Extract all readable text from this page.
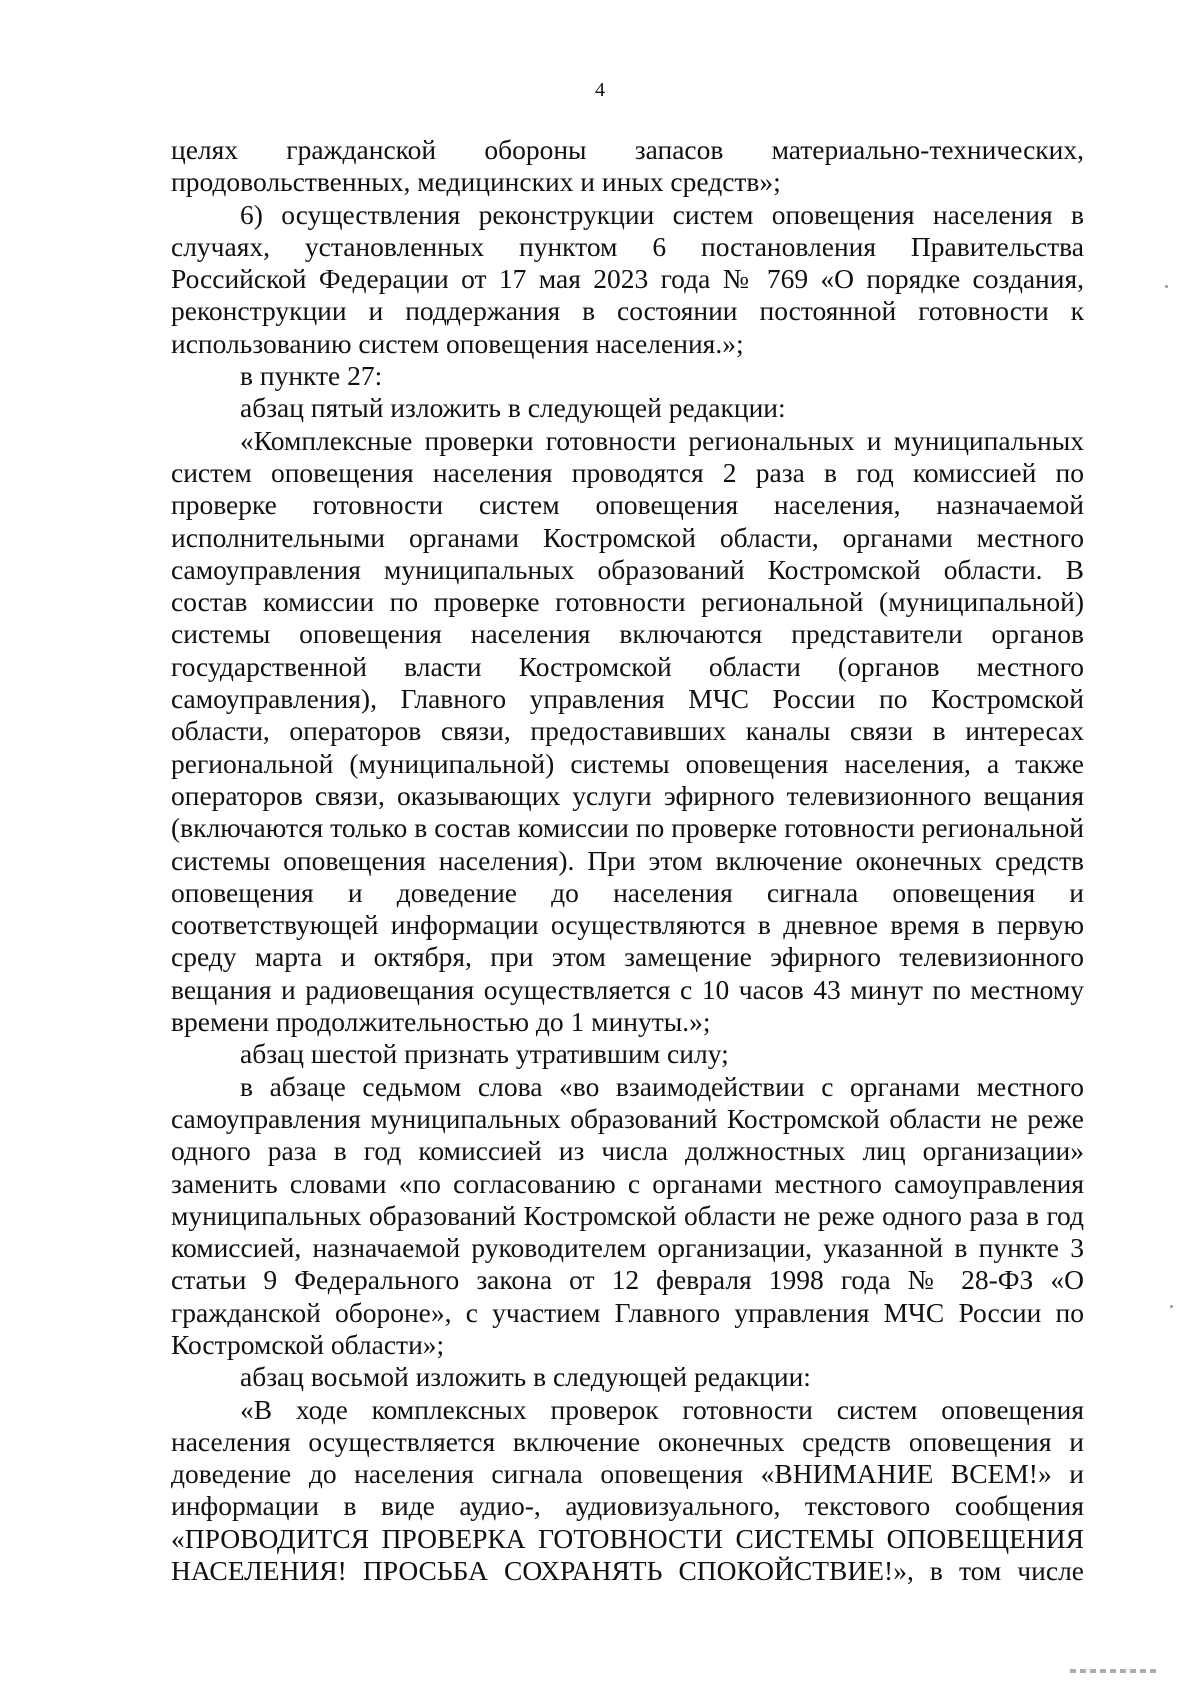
4

целях гражданской обороны запасов материально-технических, продовольственных, медицинских и иных средств»;

6) осуществления реконструкции систем оповещения населения в случаях, установленных пунктом 6 постановления Правительства Российской Федерации от 17 мая 2023 года № 769 «О порядке создания, реконструкции и поддержания в состоянии постоянной готовности к использованию систем оповещения населения.»;

в пункте 27:

абзац пятый изложить в следующей редакции:

«Комплексные проверки готовности региональных и муниципальных систем оповещения населения проводятся 2 раза в год комиссией по проверке готовности систем оповещения населения, назначаемой исполнительными органами Костромской области, органами местного самоуправления муниципальных образований Костромской области. В состав комиссии по проверке готовности региональной (муниципальной) системы оповещения населения включаются представители органов государственной власти Костромской области (органов местного самоуправления), Главного управления МЧС России по Костромской области, операторов связи, предоставивших каналы связи в интересах региональной (муниципальной) системы оповещения населения, а также операторов связи, оказывающих услуги эфирного телевизионного вещания (включаются только в состав комиссии по проверке готовности региональной системы оповещения населения). При этом включение оконечных средств оповещения и доведение до населения сигнала оповещения и соответствующей информации осуществляются в дневное время в первую среду марта и октября, при этом замещение эфирного телевизионного вещания и радиовещания осуществляется с 10 часов 43 минут по местному времени продолжительностью до 1 минуты.»;

абзац шестой признать утратившим силу;

в абзаце седьмом слова «во взаимодействии с органами местного самоуправления муниципальных образований Костромской области не реже одного раза в год комиссией из числа должностных лиц организации» заменить словами «по согласованию с органами местного самоуправления муниципальных образований Костромской области не реже одного раза в год комиссией, назначаемой руководителем организации, указанной в пункте 3 статьи 9 Федерального закона от 12 февраля 1998 года № 28-ФЗ «О гражданской обороне», с участием Главного управления МЧС России по Костромской области»;

абзац восьмой изложить в следующей редакции:

«В ходе комплексных проверок готовности систем оповещения населения осуществляется включение оконечных средств оповещения и доведение до населения сигнала оповещения «ВНИМАНИЕ ВСЕМ!» и информации в виде аудио-, аудиовизуального, текстового сообщения «ПРОВОДИТСЯ ПРОВЕРКА ГОТОВНОСТИ СИСТЕМЫ ОПОВЕЩЕНИЯ НАСЕЛЕНИЯ! ПРОСЬБА СОХРАНЯТЬ СПОКОЙСТВИЕ!», в том числе
